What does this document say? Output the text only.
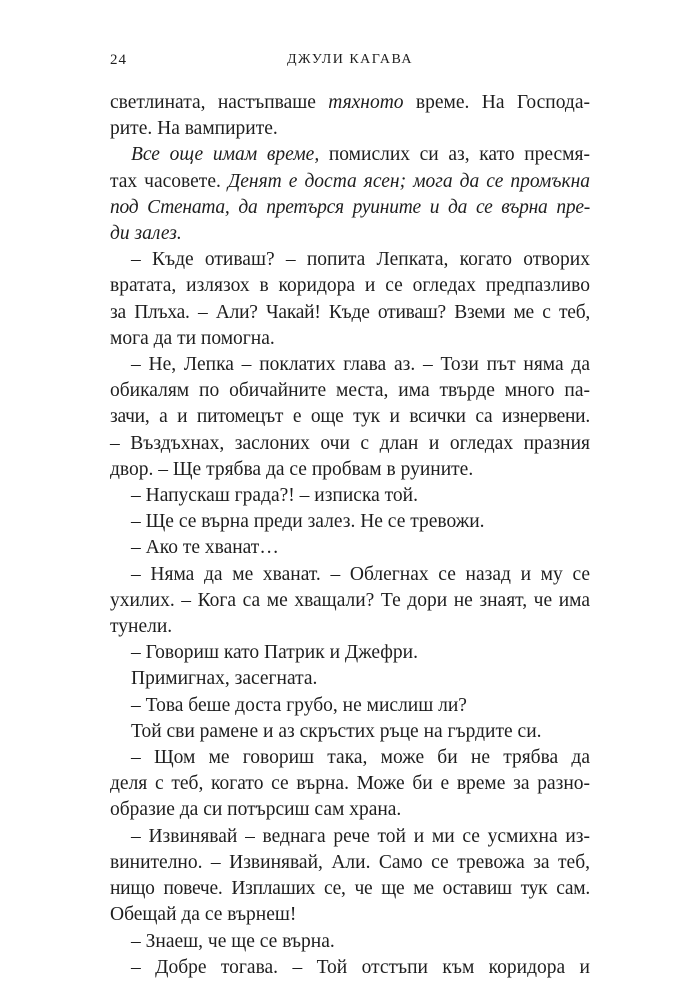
24	ДЖУЛИ КАГАВА
светлината, настъпваше тяхното време. На Господа-
рите. На вампирите.
Все още имам време, помислих си аз, като пресмя-
тах часовете. Денят е доста ясен; мога да се промъкна
под Стената, да претърся руините и да се върна пре-
ди залез.
– Къде отиваш? – попита Лепката, когато отворих
вратата, излязох в коридора и се огледах предпазливо
за Плъха. – Али? Чакай! Къде отиваш? Вземи ме с теб,
мога да ти помогна.
– Не, Лепка – поклатих глава аз. – Този път няма да
обикалям по обичайните места, има твърде много па-
зачи, а и питомецът е още тук и всички са изнервени.
– Въздъхнах, заслоних очи с длан и огледах празния
двор. – Ще трябва да се пробвам в руините.
– Напускаш града?! – изписка той.
– Ще се върна преди залез. Не се тревожи.
– Ако те хванат…
– Няма да ме хванат. – Облегнах се назад и му се
ухилих. – Кога са ме хващали? Те дори не знаят, че има
тунели.
– Говориш като Патрик и Джефри.
Примигнах, засегната.
– Това беше доста грубо, не мислиш ли?
Той сви рамене и аз скръстих ръце на гърдите си.
– Щом ме говориш така, може би не трябва да
деля с теб, когато се върна. Може би е време за разно-
образие да си потърсиш сам храна.
– Извинявай – веднага рече той и ми се усмихна из-
винително. – Извинявай, Али. Само се тревожа за теб,
нищо повече. Изплаших се, че ще ме оставиш тук сам.
Обещай да се върнеш!
– Знаеш, че ще се върна.
– Добре тогава. – Той отстъпи към коридора и
